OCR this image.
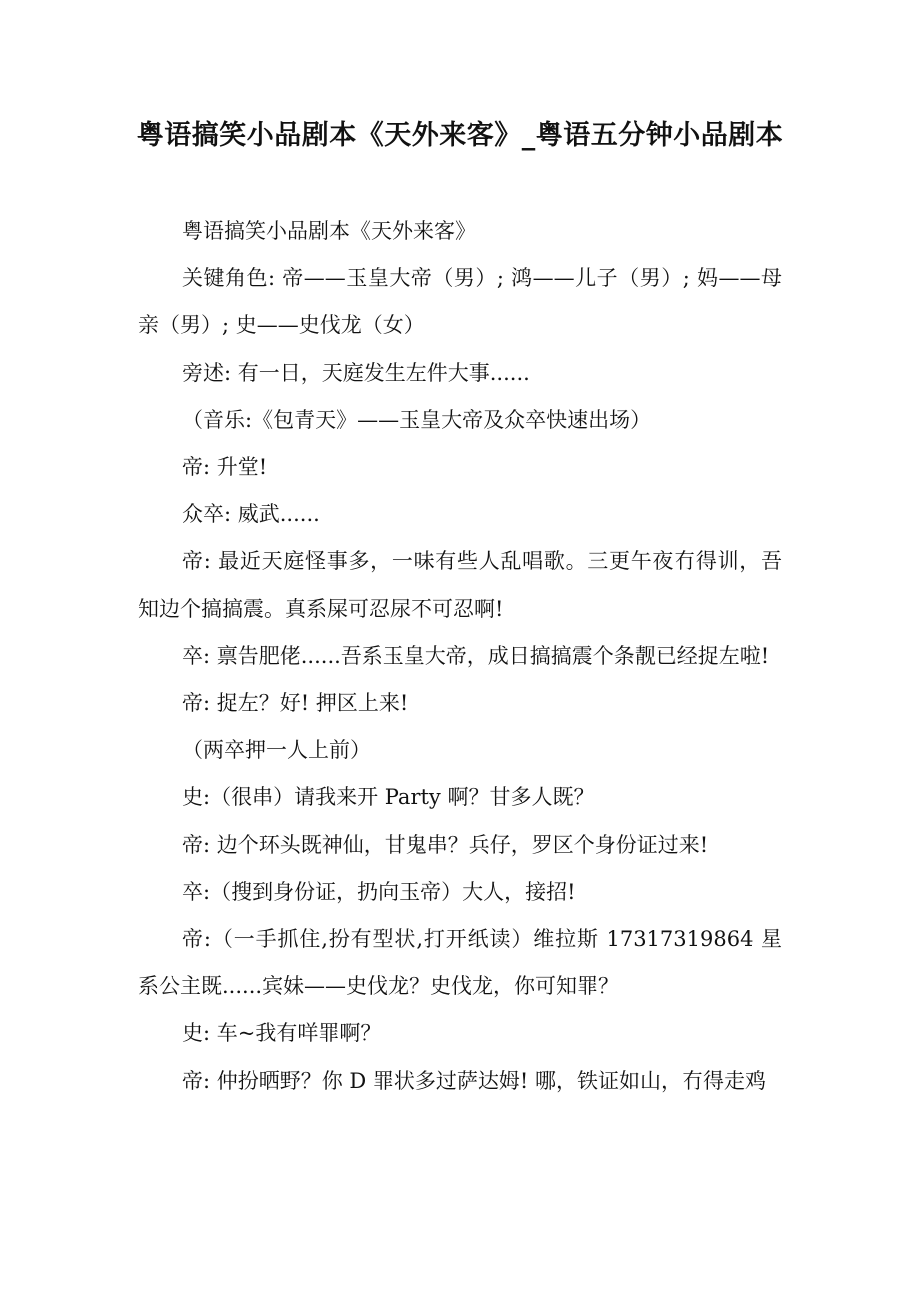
粤语搞笑小品剧本《天外来客》_粤语五分钟小品剧本

粤语搞笑小品剧本《天外来客》

关键角色: 帝——玉皇大帝（男）; 鸿——儿子（男）; 妈——母亲（男）; 史——史伐龙（女）

旁述: 有一日，天庭发生左件大事......

（音乐:《包青天》——玉皇大帝及众卒快速出场）

帝: 升堂!

众卒: 威武......

帝: 最近天庭怪事多，一味有些人乱唱歌。三更午夜冇得训，吾知边个搞搞震。真系屎可忍尿不可忍啊!

卒: 禀告肥佬......吾系玉皇大帝，成日搞搞震个条靓已经捉左啦!

帝: 捉左？好! 押区上来!

（两卒押一人上前）

史:（很串）请我来开 Party 啊？甘多人既？

帝: 边个环头既神仙，甘鬼串？兵仔，罗区个身份证过来!

卒:（搜到身份证，扔向玉帝）大人，接招!

帝:（一手抓住,扮有型状,打开纸读）维拉斯 17317319864 星系公主既......宾妹——史伐龙？史伐龙，你可知罪？

史: 车~我有咩罪啊？

帝: 仲扮晒野？你 D 罪状多过萨达姆! 哪，铁证如山，冇得走鸡
